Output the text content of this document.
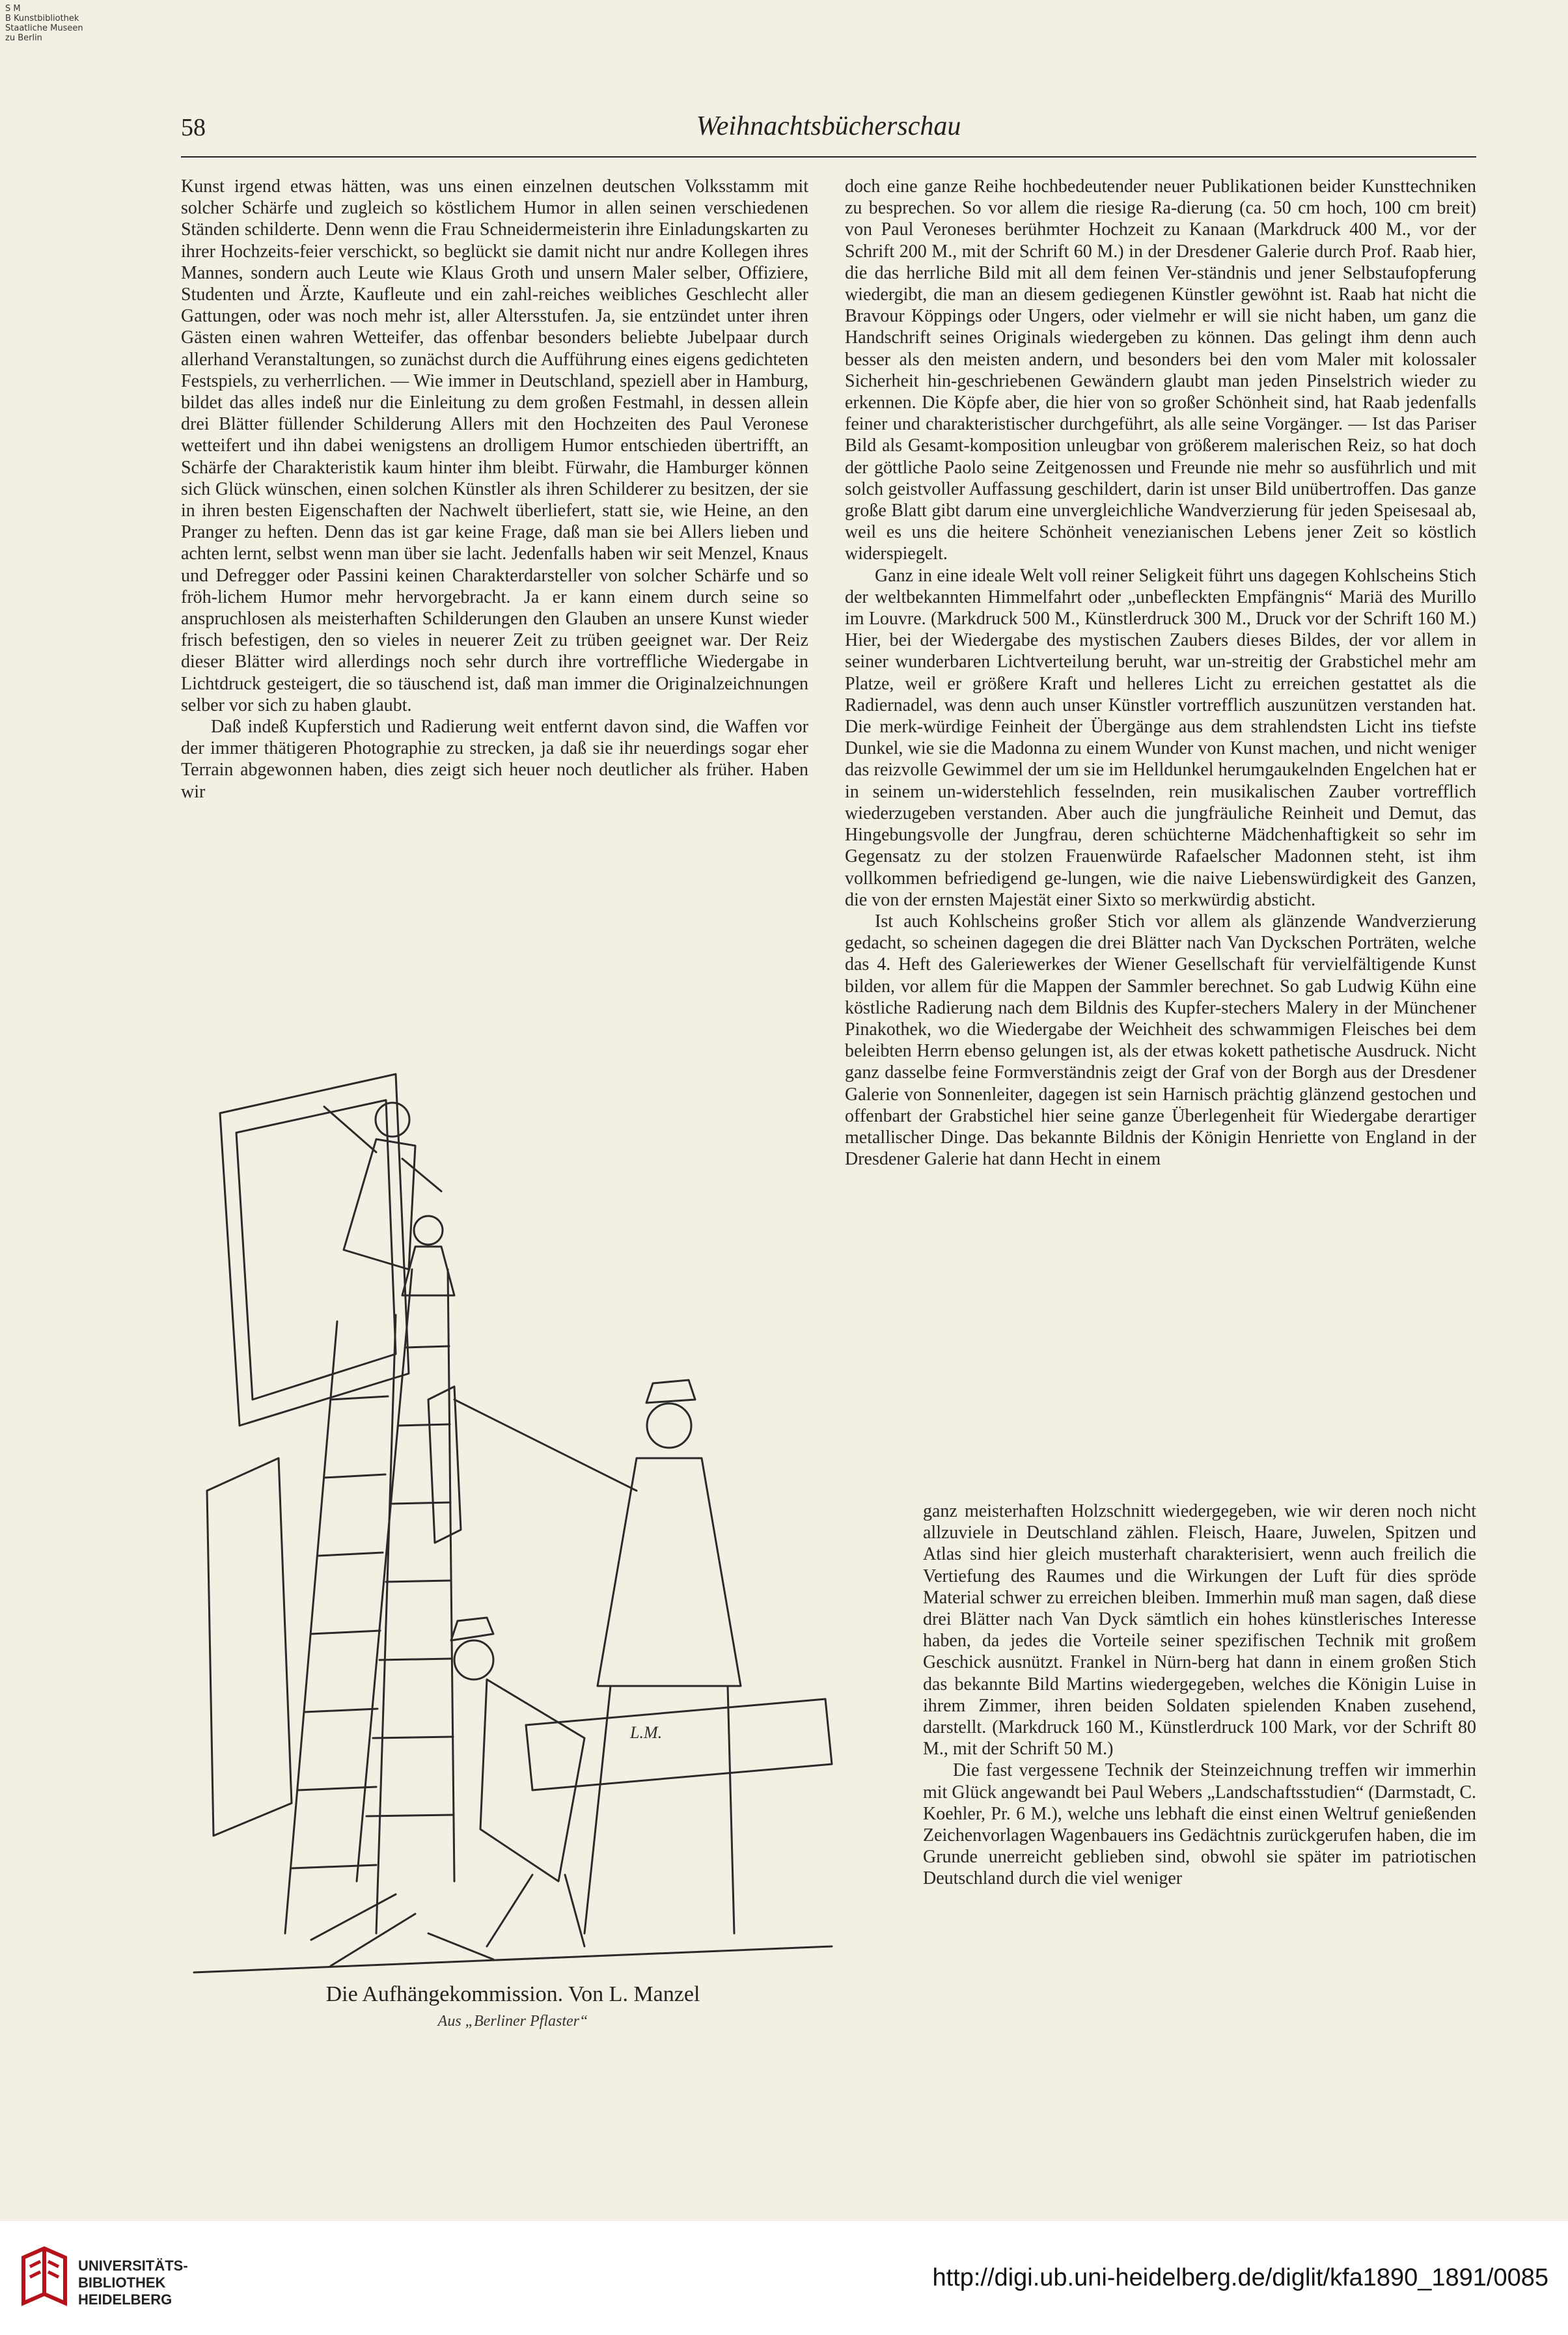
S M
B Kunstbibliothek
Staatliche Museen
zu Berlin
58	Weihnachtsbücherschau

Kunst irgend etwas hätten, was uns einen einzelnen deutschen Volksstamm mit solcher Schärfe und zugleich so köstlichem Humor in allen seinen verschiedenen Ständen schilderte. Denn wenn die Frau Schneidermeisterin ihre Einladungskarten zu ihrer Hochzeits-feier verschickt, so beglückt sie damit nicht nur andre Kollegen ihres Mannes, sondern auch Leute wie Klaus Groth und unsern Maler selber, Offiziere, Studenten und Ärzte, Kaufleute und ein zahl-reiches weibliches Geschlecht aller Gattungen, oder was noch mehr ist, aller Altersstufen. Ja, sie entzündet unter ihren Gästen einen wahren Wetteifer, das offenbar besonders beliebte Jubelpaar durch allerhand Veranstaltungen, so zunächst durch die Aufführung eines eigens gedichteten Festspiels, zu verherrlichen. — Wie immer in Deutschland, speziell aber in Hamburg, bildet das alles indeß nur die Einleitung zu dem großen Festmahl, in dessen allein drei Blätter füllender Schilderung Allers mit den Hochzeiten des Paul Veronese wetteifert und ihn dabei wenigstens an drolligem Humor entschieden übertrifft, an Schärfe der Charakteristik kaum hinter ihm bleibt. Fürwahr, die Hamburger können sich Glück wünschen, einen solchen Künstler als ihren Schilderer zu besitzen, der sie in ihren besten Eigenschaften der Nachwelt überliefert, statt sie, wie Heine, an den Pranger zu heften. Denn das ist gar keine Frage, daß man sie bei Allers lieben und achten lernt, selbst wenn man über sie lacht. Jedenfalls haben wir seit Menzel, Knaus und Defregger oder Passini keinen Charakterdarsteller von solcher Schärfe und so fröh-lichem Humor mehr hervorgebracht. Ja er kann einem durch seine so anspruchlosen als meisterhaften Schilderungen den Glauben an unsere Kunst wieder frisch befestigen, den so vieles in neuerer Zeit zu trüben geeignet war. Der Reiz dieser Blätter wird allerdings noch sehr durch ihre vortreffliche Wiedergabe in Lichtdruck gesteigert, die so täuschend ist, daß man immer die Originalzeichnungen selber vor sich zu haben glaubt.

Daß indeß Kupferstich und Radierung weit entfernt davon sind, die Waffen vor der immer thätigeren Photographie zu strecken, ja daß sie ihr neuerdings sogar eher Terrain abgewonnen haben, dies zeigt sich heuer noch deutlicher als früher. Haben wir

doch eine ganze Reihe hochbedeutender neuer Publikationen beider Kunsttechniken zu besprechen. So vor allem die riesige Ra-dierung (ca. 50 cm hoch, 100 cm breit) von Paul Veroneses berühmter Hochzeit zu Kanaan (Markdruck 400 M., vor der Schrift 200 M., mit der Schrift 60 M.) in der Dresdener Galerie durch Prof. Raab hier, die das herrliche Bild mit all dem feinen Ver-ständnis und jener Selbstaufopferung wiedergibt, die man an diesem gediegenen Künstler gewöhnt ist. Raab hat nicht die Bravour Köppings oder Ungers, oder vielmehr er will sie nicht haben, um ganz die Handschrift seines Originals wiedergeben zu können. Das gelingt ihm denn auch besser als den meisten andern, und besonders bei den vom Maler mit kolossaler Sicherheit hin-geschriebenen Gewändern glaubt man jeden Pinselstrich wieder zu erkennen. Die Köpfe aber, die hier von so großer Schönheit sind, hat Raab jedenfalls feiner und charakteristischer durchgeführt, als alle seine Vorgänger. — Ist das Pariser Bild als Gesamt-komposition unleugbar von größerem malerischen Reiz, so hat doch der göttliche Paolo seine Zeitgenossen und Freunde nie mehr so ausführlich und mit solch geistvoller Auffassung geschildert, darin ist unser Bild unübertroffen. Das ganze große Blatt gibt darum eine unvergleichliche Wandverzierung für jeden Speisesaal ab, weil es uns die heitere Schönheit venezianischen Lebens jener Zeit so köstlich widerspiegelt.

Ganz in eine ideale Welt voll reiner Seligkeit führt uns dagegen Kohlscheins Stich der weltbekannten Himmelfahrt oder „unbefleckten Empfängnis“ Mariä des Murillo im Louvre. (Markdruck 500 M., Künstlerdruck 300 M., Druck vor der Schrift 160 M.) Hier, bei der Wiedergabe des mystischen Zaubers dieses Bildes, der vor allem in seiner wunderbaren Lichtverteilung beruht, war un-streitig der Grabstichel mehr am Platze, weil er größere Kraft und helleres Licht zu erreichen gestattet als die Radiernadel, was denn auch unser Künstler vortrefflich auszunützen verstanden hat. Die merk-würdige Feinheit der Übergänge aus dem strahlendsten Licht ins tiefste Dunkel, wie sie die Madonna zu einem Wunder von Kunst machen, und nicht weniger das reizvolle Gewimmel der um sie im Helldunkel herumgaukelnden Engelchen hat er in seinem un-widerstehlich fesselnden, rein musikalischen Zauber vortrefflich wiederzugeben verstanden. Aber auch die jungfräuliche Reinheit und Demut, das Hingebungsvolle der Jungfrau, deren schüchterne Mädchenhaftigkeit so sehr im Gegensatz zu der stolzen Frauenwürde Rafaelscher Madonnen steht, ist ihm vollkommen befriedigend ge-lungen, wie die naive Liebenswürdigkeit des Ganzen, die von der ernsten Majestät einer Sixto so merkwürdig absticht.

Ist auch Kohlscheins großer Stich vor allem als glänzende Wandverzierung gedacht, so scheinen dagegen die drei Blätter nach Van Dyckschen Porträten, welche das 4. Heft des Galeriewerkes der Wiener Gesellschaft für vervielfältigende Kunst bilden, vor allem für die Mappen der Sammler berechnet. So gab Ludwig Kühn eine köstliche Radierung nach dem Bildnis des Kupfer-stechers Malery in der Münchener Pinakothek, wo die Wiedergabe der Weichheit des schwammigen Fleisches bei dem beleibten Herrn ebenso gelungen ist, als der etwas kokett pathetische Ausdruck. Nicht ganz dasselbe feine Formverständnis zeigt der Graf von der Borgh aus der Dresdener Galerie von Sonnenleiter, dagegen ist sein Harnisch prächtig glänzend gestochen und offenbart der Grabstichel hier seine ganze Überlegenheit für Wiedergabe derartiger metallischer Dinge. Das bekannte Bildnis der Königin Henriette von England in der Dresdener Galerie hat dann Hecht in einem

ganz meisterhaften Holzschnitt wiedergegeben, wie wir deren noch nicht allzuviele in Deutschland zählen. Fleisch, Haare, Juwelen, Spitzen und Atlas sind hier gleich musterhaft charakterisiert, wenn auch freilich die Vertiefung des Raumes und die Wirkungen der Luft für dies spröde Material schwer zu erreichen bleiben. Immerhin muß man sagen, daß diese drei Blätter nach Van Dyck sämtlich ein hohes künstlerisches Interesse haben, da jedes die Vorteile seiner spezifischen Technik mit großem Geschick ausnützt. Frankel in Nürn-berg hat dann in einem großen Stich das bekannte Bild Martins wiedergegeben, welches die Königin Luise in ihrem Zimmer, ihren beiden Soldaten spielenden Knaben zusehend, darstellt. (Markdruck 160 M., Künstlerdruck 100 Mark, vor der Schrift 80 M., mit der Schrift 50 M.)

Die fast vergessene Technik der Steinzeichnung treffen wir immerhin mit Glück angewandt bei Paul Webers „Landschaftsstudien“ (Darmstadt, C. Koehler, Pr. 6 M.), welche uns lebhaft die einst einen Weltruf genießenden Zeichenvorlagen Wagenbauers ins Gedächtnis zurückgerufen haben, die im Grunde unerreicht geblieben sind, obwohl sie später im patriotischen Deutschland durch die viel weniger

L.M.
Die Aufhängekommission. Von L. Manzel
Aus „Berliner Pflaster“
UNIVERSITÄTS-
BIBLIOTHEK
HEIDELBERG
http://digi.ub.uni-heidelberg.de/diglit/kfa1890_1891/0085
